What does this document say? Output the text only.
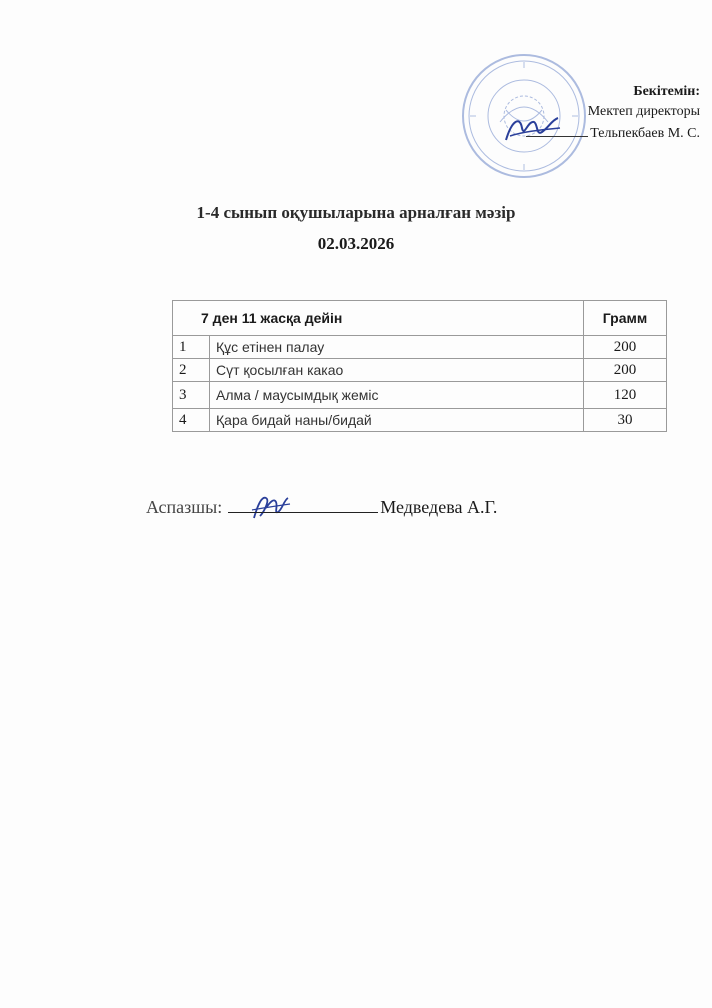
Бекітемін:
Мектеп директоры
Тельпекбаев М. С.
1-4 сынып оқушыларына арналған мәзір
02.03.2026
7 ден 11 жасқа дейін		Грамм
1	Құс етінен палау	200
2	Сүт қосылған какао	200
3	Алма / маусымдық жеміс	120
4	Қара бидай наны/бидай	30
Аспазшы:	Медведева А.Г.
